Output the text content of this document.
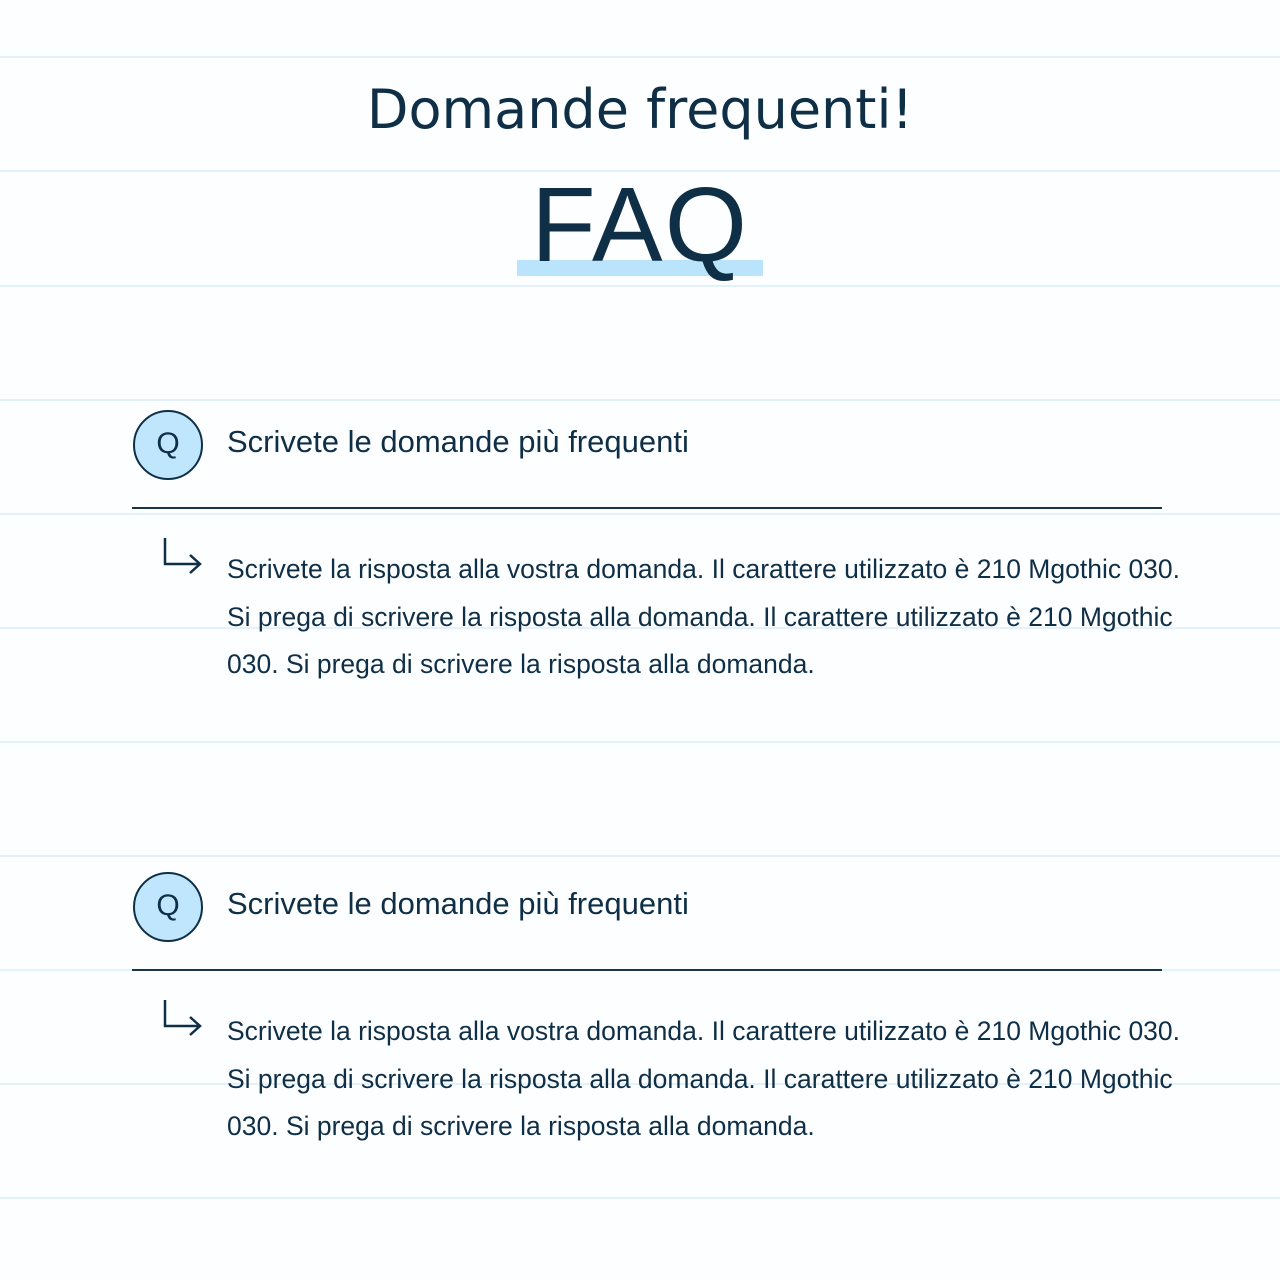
Domande frequenti!
FAQ
Q	Scrivete le domande più frequenti
Scrivete la risposta alla vostra domanda. Il carattere utilizzato è 210 Mgothic 030. Si prega di scrivere la risposta alla domanda. Il carattere utilizzato è 210 Mgothic 030. Si prega di scrivere la risposta alla domanda.
Q	Scrivete le domande più frequenti
Scrivete la risposta alla vostra domanda. Il carattere utilizzato è 210 Mgothic 030. Si prega di scrivere la risposta alla domanda. Il carattere utilizzato è 210 Mgothic 030. Si prega di scrivere la risposta alla domanda.
